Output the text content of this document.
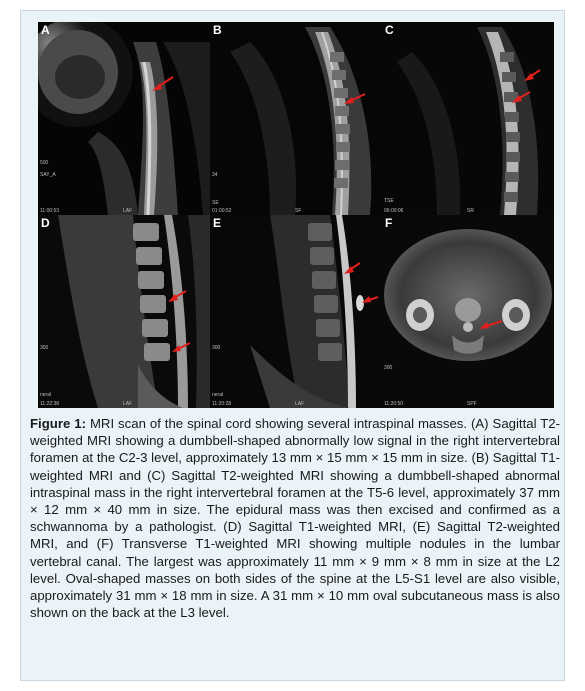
A
500
SAY_A
11:00:53	LAF
B
34
SE
01:00:52	SF
C
TSE
06:00:06	SR
D
300
neral
11:22:38	LAF
E
300
neral
11:20:28	LAF
F
300
11:20:50	SPF
Figure 1: MRI scan of the spinal cord showing several intraspinal masses. (A) Sagittal T2-weighted MRI showing a dumbbell-shaped abnormally low signal in the right intervertebral foramen at the C2-3 level, approximately 13 mm × 15 mm × 15 mm in size. (B) Sagittal T1-weighted MRI and (C) Sagittal T2-weighted MRI showing a dumbbell-shaped abnormal intraspinal mass in the right intervertebral foramen at the T5-6 level, approximately 37 mm × 12 mm × 40 mm in size. The epidural mass was then excised and confirmed as a schwannoma by a pathologist. (D) Sagittal T1-weighted MRI, (E) Sagittal T2-weighted MRI, and (F) Transverse T1-weighted MRI showing multiple nodules in the lumbar vertebral canal. The largest was approximately 11 mm × 9 mm × 8 mm in size at the L2 level. Oval-shaped masses on both sides of the spine at the L5-S1 level are also visible, approximately 31 mm × 18 mm in size. A 31 mm × 10 mm oval subcutaneous mass is also shown on the back at the L3 level.
